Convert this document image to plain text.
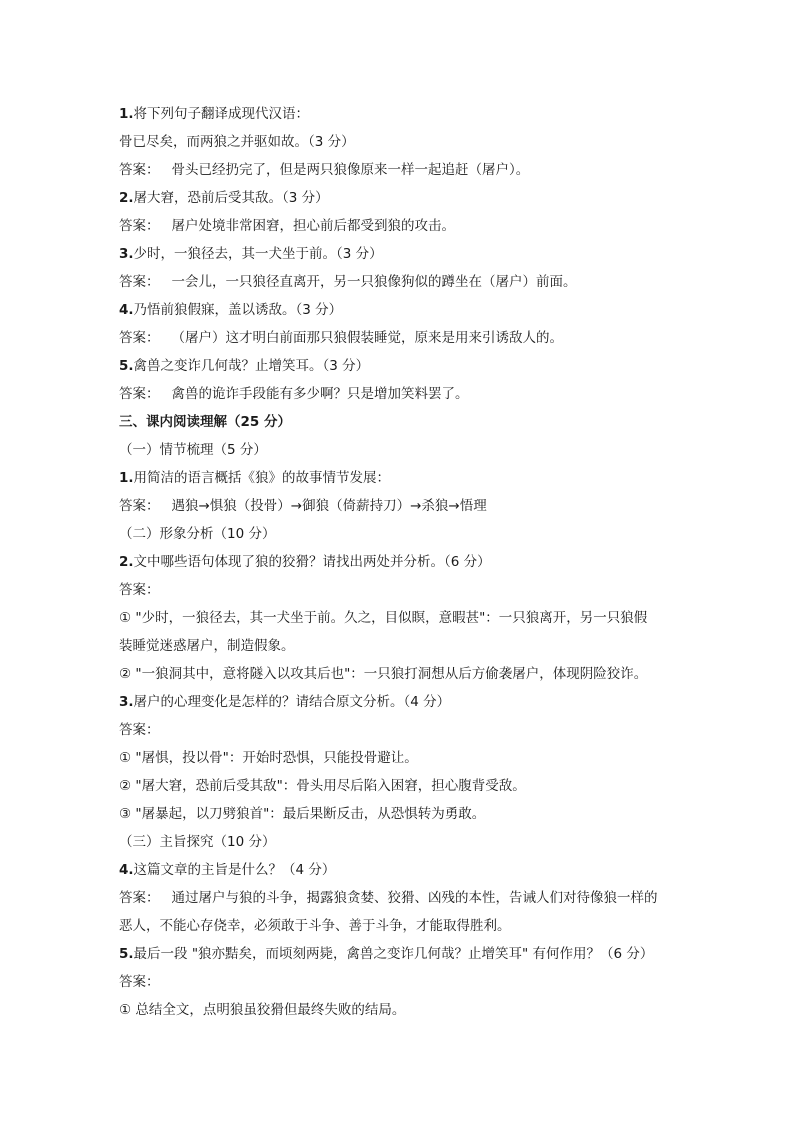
1.将下列句子翻译成现代汉语：
骨已尽矣，而两狼之并驱如故。（3 分）
答案： 骨头已经扔完了，但是两只狼像原来一样一起追赶（屠户）。
2.屠大窘，恐前后受其敌。（3 分）
答案： 屠户处境非常困窘，担心前后都受到狼的攻击。
3.少时，一狼径去，其一犬坐于前。（3 分）
答案： 一会儿，一只狼径直离开，另一只狼像狗似的蹲坐在（屠户）前面。
4.乃悟前狼假寐，盖以诱敌。（3 分）
答案： （屠户）这才明白前面那只狼假装睡觉，原来是用来引诱敌人的。
5.禽兽之变诈几何哉？止增笑耳。（3 分）
答案： 禽兽的诡诈手段能有多少啊？只是增加笑料罢了。
三、课内阅读理解（25 分）
（一）情节梳理（5 分）
1.用简洁的语言概括《狼》的故事情节发展：
答案： 遇狼→惧狼（投骨）→御狼（倚薪持刀）→杀狼→悟理
（二）形象分析（10 分）
2.文中哪些语句体现了狼的狡猾？请找出两处并分析。（6 分）
答案：
① "少时，一狼径去，其一犬坐于前。久之，目似瞑，意暇甚"：一只狼离开，另一只狼假
装睡觉迷惑屠户，制造假象。
② "一狼洞其中，意将隧入以攻其后也"：一只狼打洞想从后方偷袭屠户，体现阴险狡诈。
3.屠户的心理变化是怎样的？请结合原文分析。（4 分）
答案：
① "屠惧，投以骨"：开始时恐惧，只能投骨避让。
② "屠大窘，恐前后受其敌"：骨头用尽后陷入困窘，担心腹背受敌。
③ "屠暴起，以刀劈狼首"：最后果断反击，从恐惧转为勇敢。
（三）主旨探究（10 分）
4.这篇文章的主旨是什么？（4 分）
答案： 通过屠户与狼的斗争，揭露狼贪婪、狡猾、凶残的本性，告诫人们对待像狼一样的
恶人，不能心存侥幸，必须敢于斗争、善于斗争，才能取得胜利。
5.最后一段 "狼亦黠矣，而顷刻两毙，禽兽之变诈几何哉？止增笑耳" 有何作用？（6 分）
答案：
① 总结全文，点明狼虽狡猾但最终失败的结局。
